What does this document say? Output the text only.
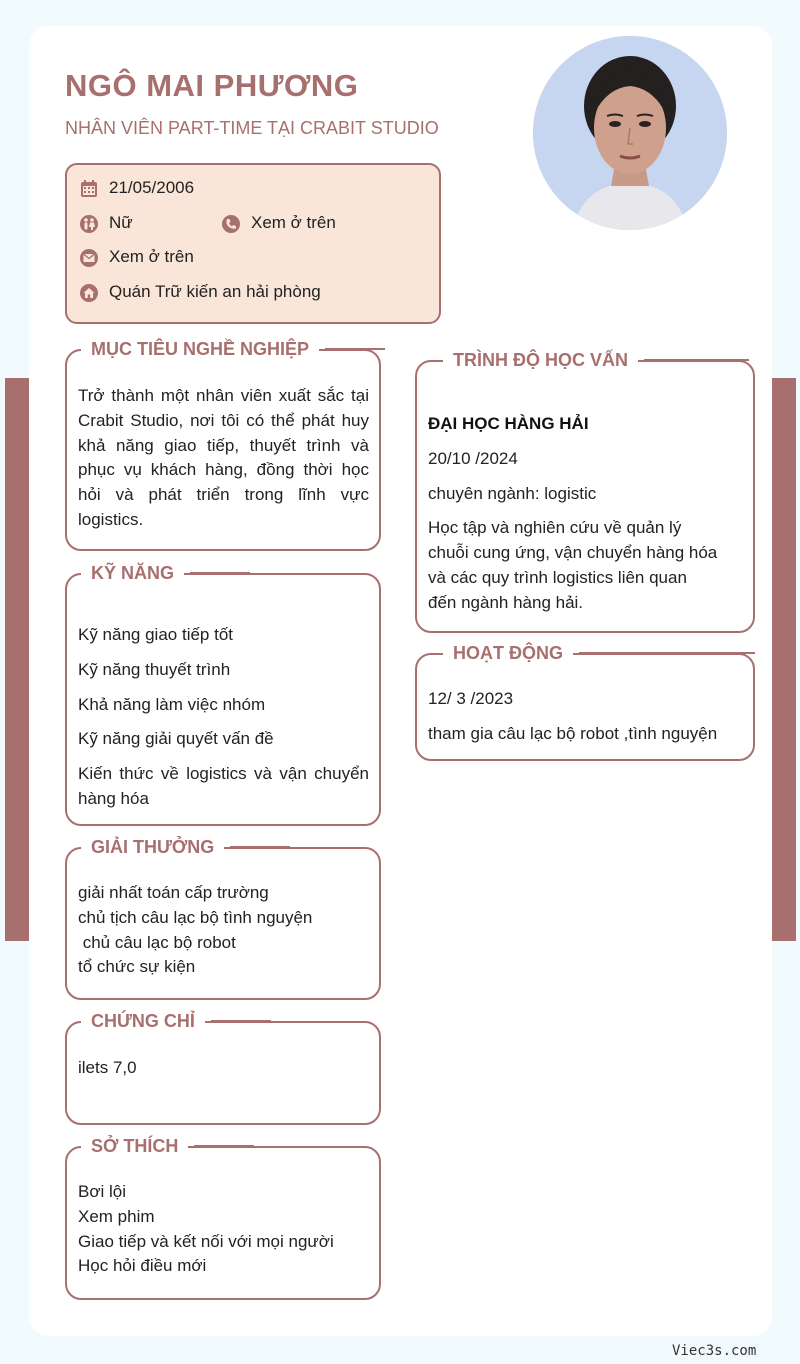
NGÔ MAI PHƯƠNG
NHÂN VIÊN PART-TIME TẠI CRABIT STUDIO
21/05/2006
Nữ	Xem ở trên
Xem ở trên
Quán Trữ kiến an hải phòng
MỤC TIÊU NGHỀ NGHIỆP
Trở thành một nhân viên xuất sắc tại Crabit Studio, nơi tôi có thể phát huy khả năng giao tiếp, thuyết trình và phục vụ khách hàng, đồng thời học hỏi và phát triển trong lĩnh vực logistics.
KỸ NĂNG
Kỹ năng giao tiếp tốt
Kỹ năng thuyết trình
Khả năng làm việc nhóm
Kỹ năng giải quyết vấn đề
Kiến thức về logistics và vận chuyển hàng hóa
GIẢI THƯỞNG
giải nhất toán cấp trường
chủ tịch câu lạc bộ tình nguyện
chủ câu lạc bộ robot
tổ chức sự kiện
CHỨNG CHỈ
ilets 7,0
SỞ THÍCH
Bơi lội
Xem phim
Giao tiếp và kết nối với mọi người
Học hỏi điều mới
TRÌNH ĐỘ HỌC VẤN
ĐẠI HỌC HÀNG HẢI
20/10 /2024
chuyên ngành: logistic
Học tập và nghiên cứu về quản lý
chuỗi cung ứng, vận chuyển hàng hóa
và các quy trình logistics liên quan
đến ngành hàng hải.
HOẠT ĐỘNG
12/ 3 /2023
tham gia câu lạc bộ robot ,tình nguyện
Viec3s.com
